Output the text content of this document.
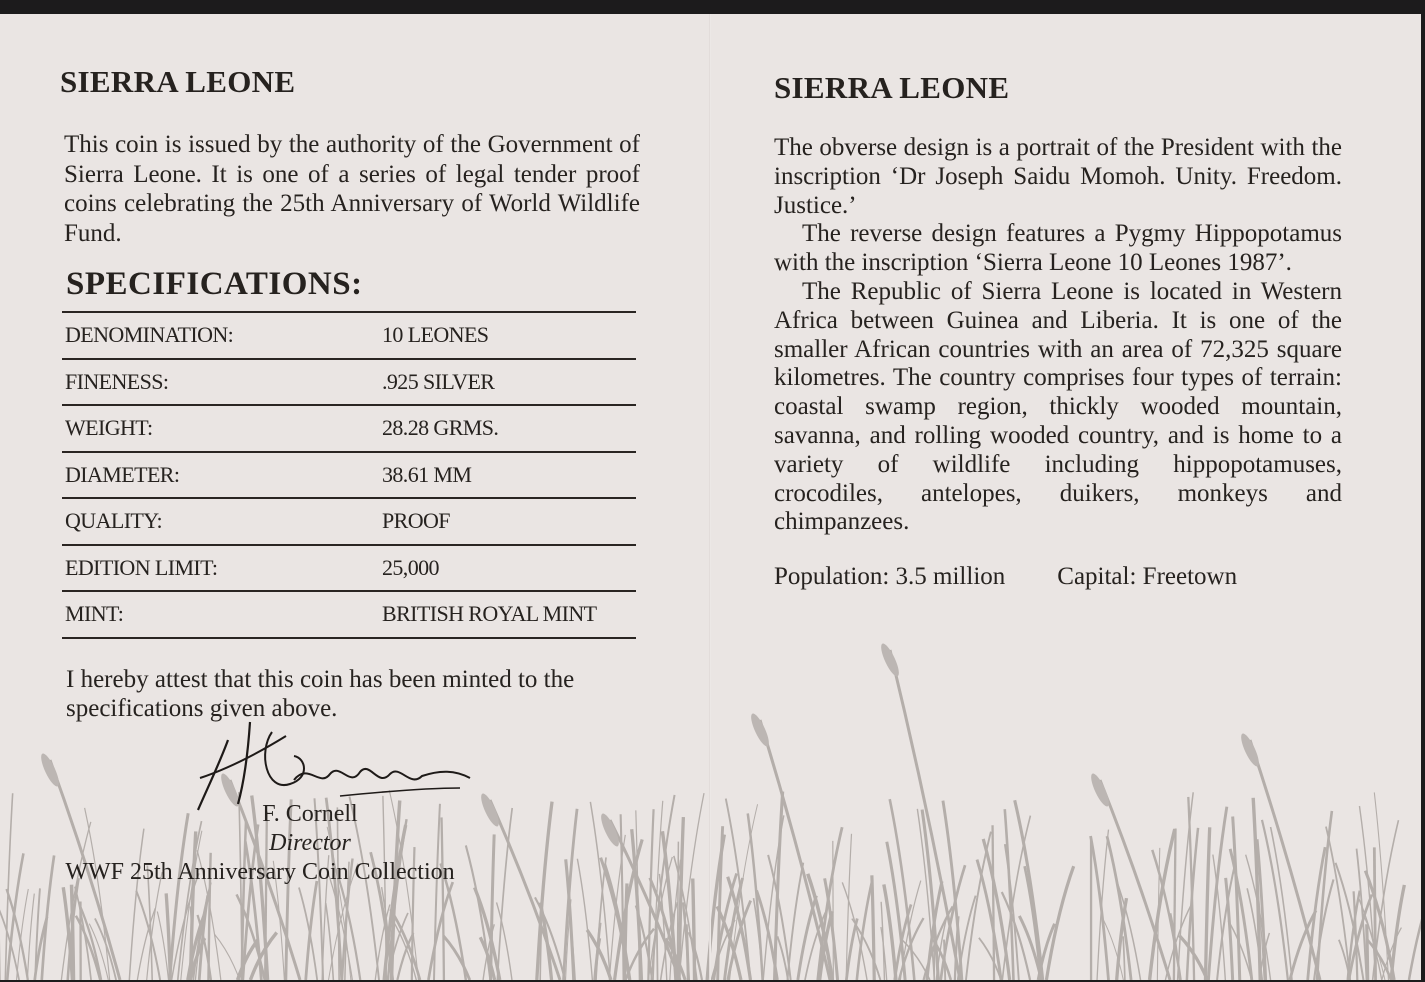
SIERRA LEONE
This coin is issued by the authority of the Government of Sierra Leone. It is one of a series of legal tender proof coins celebrating the 25th Anniversary of World Wildlife Fund.
SPECIFICATIONS:
DENOMINATION:	10 LEONES
FINENESS:	.925 SILVER
WEIGHT:	28.28 GRMS.
DIAMETER:	38.61 MM
QUALITY:	PROOF
EDITION LIMIT:	25,000
MINT:	BRITISH ROYAL MINT
I hereby attest that this coin has been minted to the specifications given above.
F. Cornell
Director
WWF 25th Anniversary Coin Collection
SIERRA LEONE

The obverse design is a portrait of the President with the inscription ‘Dr Joseph Saidu Momoh. Unity. Freedom. Justice.’

The reverse design features a Pygmy Hippopotamus with the inscription ‘Sierra Leone 10 Leones 1987’.

The Republic of Sierra Leone is located in Western Africa between Guinea and Liberia. It is one of the smaller African countries with an area of 72,325 square kilometres. The country comprises four types of terrain: coastal swamp region, thickly wooded mountain, savanna, and rolling wooded country, and is home to a variety of wildlife including hippopotamuses, crocodiles, antelopes, duikers, monkeys and chimpanzees.

Population: 3.5 million Capital: Freetown
